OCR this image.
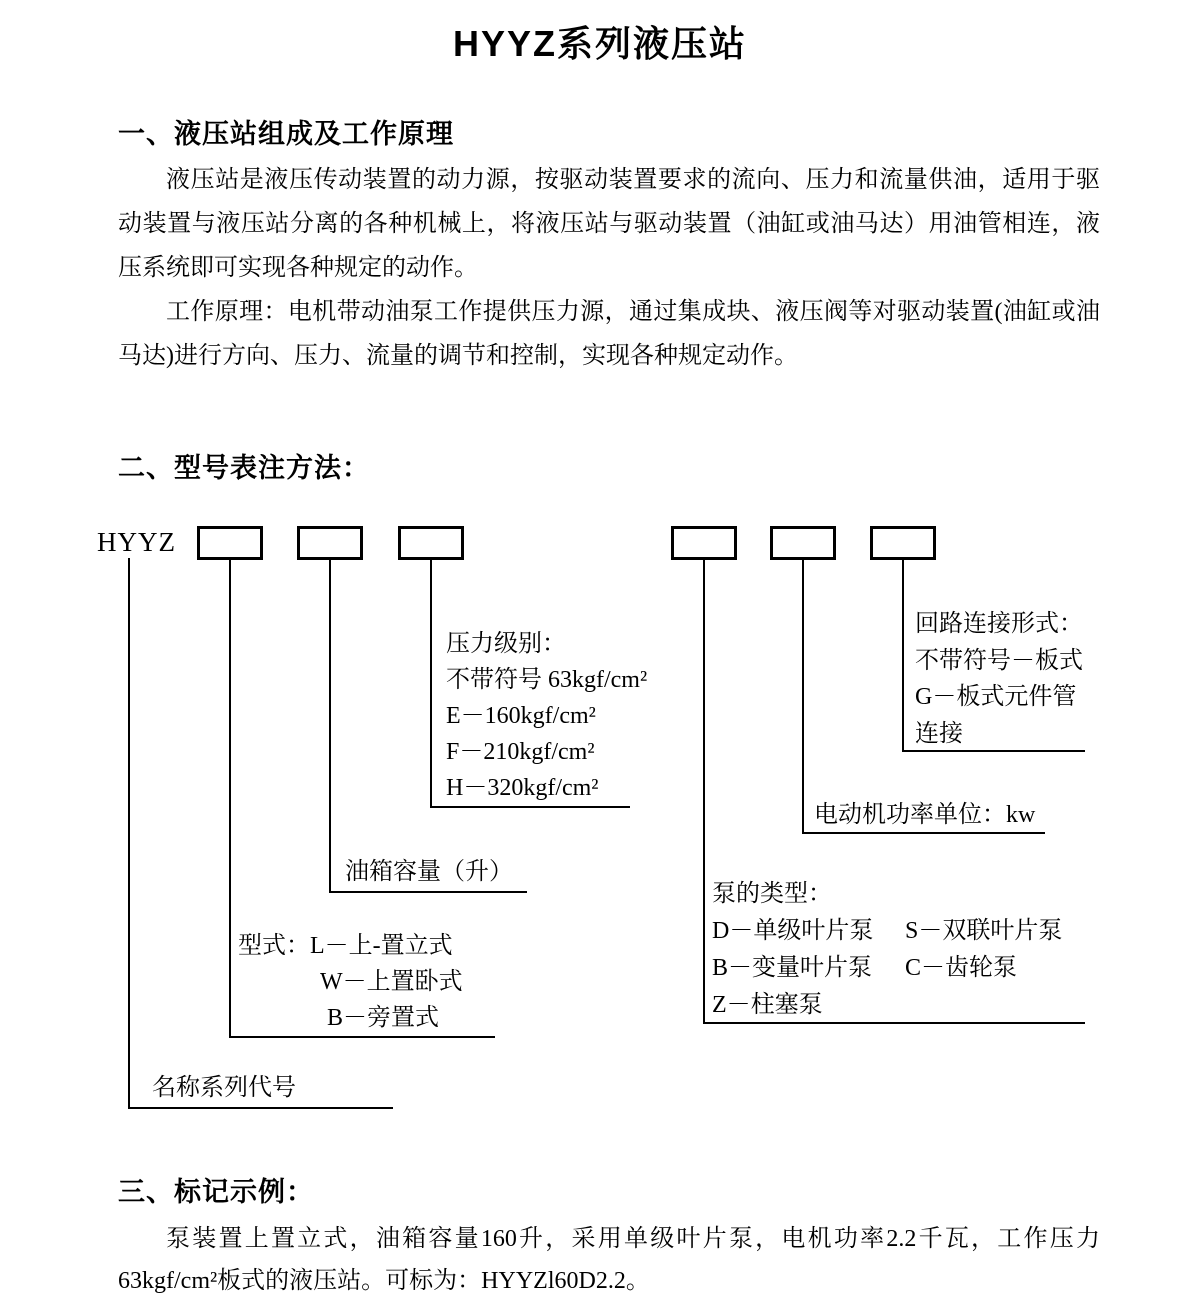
HYYZ系列液压站
一、液压站组成及工作原理

液压站是液压传动装置的动力源，按驱动装置要求的流向、压力和流量供油，适用于驱动装置与液压站分离的各种机械上，将液压站与驱动装置（油缸或油马达）用油管相连，液压系统即可实现各种规定的动作。

工作原理：电机带动油泵工作提供压力源，通过集成块、液压阀等对驱动装置(油缸或油马达)进行方向、压力、流量的调节和控制，实现各种规定动作。

二、型号表注方法：
HYYZ
压力级别：
不带符号 63kgf/cm²
E－160kgf/cm²
F－210kgf/cm²
H－320kgf/cm²
回路连接形式：
不带符号－板式
G－板式元件管
连接
电动机功率单位：kw
油箱容量（升）
泵的类型：
D－单级叶片泵 S－双联叶片泵
B－变量叶片泵 C－齿轮泵
Z－柱塞泵
型式：L－上-置立式
W－上置卧式
B－旁置式
名称系列代号
三、标记示例：

泵装置上置立式，油箱容量160升，采用单级叶片泵，电机功率2.2千瓦，工作压力63kgf/cm²板式的液压站。可标为：HYYZl60D2.2。
